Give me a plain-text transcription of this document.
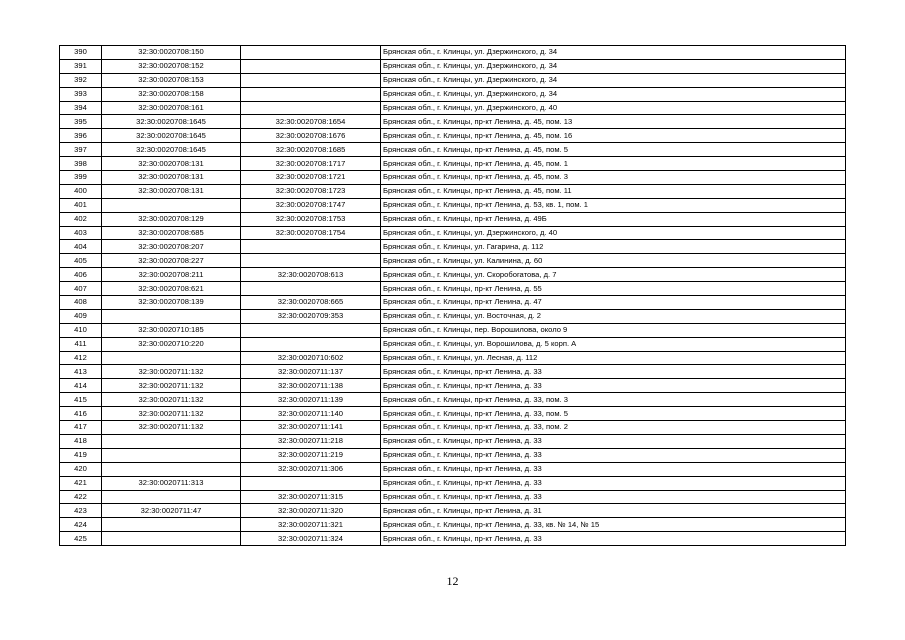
390	32:30:0020708:150		Брянская обл., г. Клинцы, ул. Дзержинского, д. 34
391	32:30:0020708:152		Брянская обл., г. Клинцы, ул. Дзержинского, д. 34
392	32:30:0020708:153		Брянская обл., г. Клинцы, ул. Дзержинского, д. 34
393	32:30:0020708:158		Брянская обл., г. Клинцы, ул. Дзержинского, д. 34
394	32:30:0020708:161		Брянская обл., г. Клинцы, ул. Дзержинского, д. 40
395	32:30:0020708:1645	32:30:0020708:1654	Брянская обл., г. Клинцы, пр-кт Ленина, д. 45, пом. 13
396	32:30:0020708:1645	32:30:0020708:1676	Брянская обл., г. Клинцы, пр-кт Ленина, д. 45, пом. 16
397	32:30:0020708:1645	32:30:0020708:1685	Брянская обл., г. Клинцы, пр-кт Ленина, д. 45, пом. 5
398	32:30:0020708:131	32:30:0020708:1717	Брянская обл., г. Клинцы, пр-кт Ленина, д. 45, пом. 1
399	32:30:0020708:131	32:30:0020708:1721	Брянская обл., г. Клинцы, пр-кт Ленина, д. 45, пом. 3
400	32:30:0020708:131	32:30:0020708:1723	Брянская обл., г. Клинцы, пр-кт Ленина, д. 45, пом. 11
401		32:30:0020708:1747	Брянская обл., г. Клинцы, пр-кт Ленина, д. 53, кв. 1, пом. 1
402	32:30:0020708:129	32:30:0020708:1753	Брянская обл., г. Клинцы, пр-кт Ленина, д. 49Б
403	32:30:0020708:685	32:30:0020708:1754	Брянская обл., г. Клинцы, ул. Дзержинского, д. 40
404	32:30:0020708:207		Брянская обл., г. Клинцы, ул. Гагарина, д. 112
405	32:30:0020708:227		Брянская обл., г. Клинцы, ул. Калинина, д. 60
406	32:30:0020708:211	32:30:0020708:613	Брянская обл., г. Клинцы, ул. Скоробогатова, д. 7
407	32:30:0020708:621		Брянская обл., г. Клинцы, пр-кт Ленина, д. 55
408	32:30:0020708:139	32:30:0020708:665	Брянская обл., г. Клинцы, пр-кт Ленина, д. 47
409		32:30:0020709:353	Брянская обл., г. Клинцы, ул. Восточная, д. 2
410	32:30:0020710:185		Брянская обл., г. Клинцы, пер. Ворошилова, около 9
411	32:30:0020710:220		Брянская обл., г. Клинцы, ул. Ворошилова, д. 5 корп. А
412		32:30:0020710:602	Брянская обл., г. Клинцы, ул. Лесная, д. 112
413	32:30:0020711:132	32:30:0020711:137	Брянская обл., г. Клинцы, пр-кт Ленина, д. 33
414	32:30:0020711:132	32:30:0020711:138	Брянская обл., г. Клинцы, пр-кт Ленина, д. 33
415	32:30:0020711:132	32:30:0020711:139	Брянская обл., г. Клинцы, пр-кт Ленина, д. 33, пом. 3
416	32:30:0020711:132	32:30:0020711:140	Брянская обл., г. Клинцы, пр-кт Ленина, д. 33, пом. 5
417	32:30:0020711:132	32:30:0020711:141	Брянская обл., г. Клинцы, пр-кт Ленина, д. 33, пом. 2
418		32:30:0020711:218	Брянская обл., г. Клинцы, пр-кт Ленина, д. 33
419		32:30:0020711:219	Брянская обл., г. Клинцы, пр-кт Ленина, д. 33
420		32:30:0020711:306	Брянская обл., г. Клинцы, пр-кт Ленина, д. 33
421	32:30:0020711:313		Брянская обл., г. Клинцы, пр-кт Ленина, д. 33
422		32:30:0020711:315	Брянская обл., г. Клинцы, пр-кт Ленина, д. 33
423	32:30:0020711:47	32:30:0020711:320	Брянская обл., г. Клинцы, пр-кт Ленина, д. 31
424		32:30:0020711:321	Брянская обл., г. Клинцы, пр-кт Ленина, д. 33, кв. № 14, № 15
425		32:30:0020711:324	Брянская обл., г. Клинцы, пр-кт Ленина, д. 33
12
